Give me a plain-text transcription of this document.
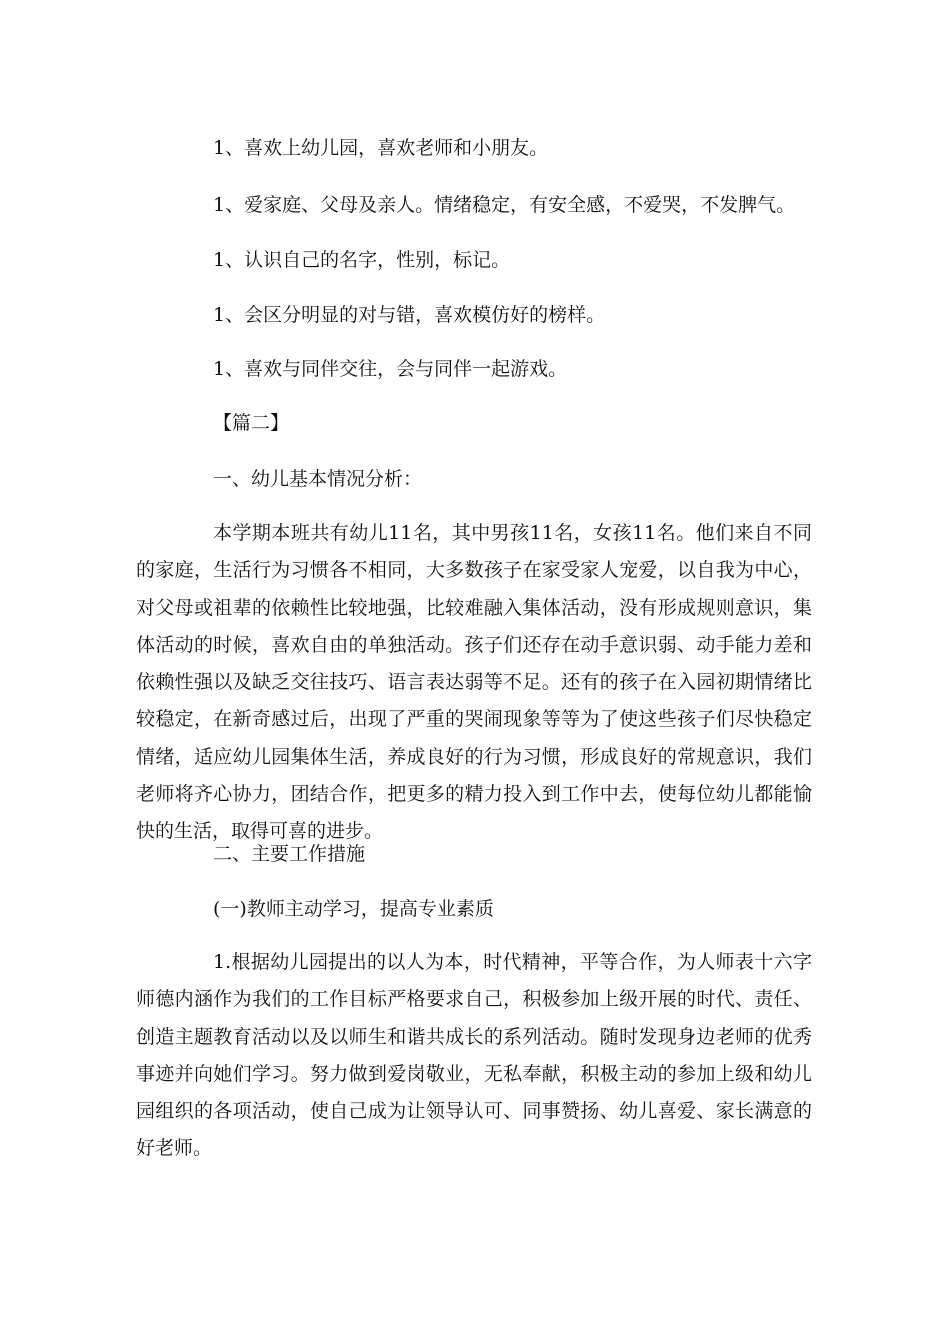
1、喜欢上幼儿园，喜欢老师和小朋友。

1、爱家庭、父母及亲人。情绪稳定，有安全感，不爱哭，不发脾气。

1、认识自己的名字，性别，标记。

1、会区分明显的对与错，喜欢模仿好的榜样。

1、喜欢与同伴交往，会与同伴一起游戏。

【篇二】

一、幼儿基本情况分析：

本学期本班共有幼儿11名，其中男孩11名，女孩11名。他们来自不同的家庭，生活行为习惯各不相同，大多数孩子在家受家人宠爱，以自我为中心，对父母或祖辈的依赖性比较地强，比较难融入集体活动，没有形成规则意识，集体活动的时候，喜欢自由的单独活动。孩子们还存在动手意识弱、动手能力差和依赖性强以及缺乏交往技巧、语言表达弱等不足。还有的孩子在入园初期情绪比较稳定，在新奇感过后，出现了严重的哭闹现象等等为了使这些孩子们尽快稳定情绪，适应幼儿园集体生活，养成良好的行为习惯，形成良好的常规意识，我们老师将齐心协力，团结合作，把更多的精力投入到工作中去，使每位幼儿都能愉快的生活，取得可喜的进步。

二、主要工作措施

(一)教师主动学习，提高专业素质

1.根据幼儿园提出的以人为本，时代精神，平等合作，为人师表十六字师德内涵作为我们的工作目标严格要求自己，积极参加上级开展的时代、责任、创造主题教育活动以及以师生和谐共成长的系列活动。随时发现身边老师的优秀事迹并向她们学习。努力做到爱岗敬业，无私奉献，积极主动的参加上级和幼儿园组织的各项活动，使自己成为让领导认可、同事赞扬、幼儿喜爱、家长满意的好老师。
